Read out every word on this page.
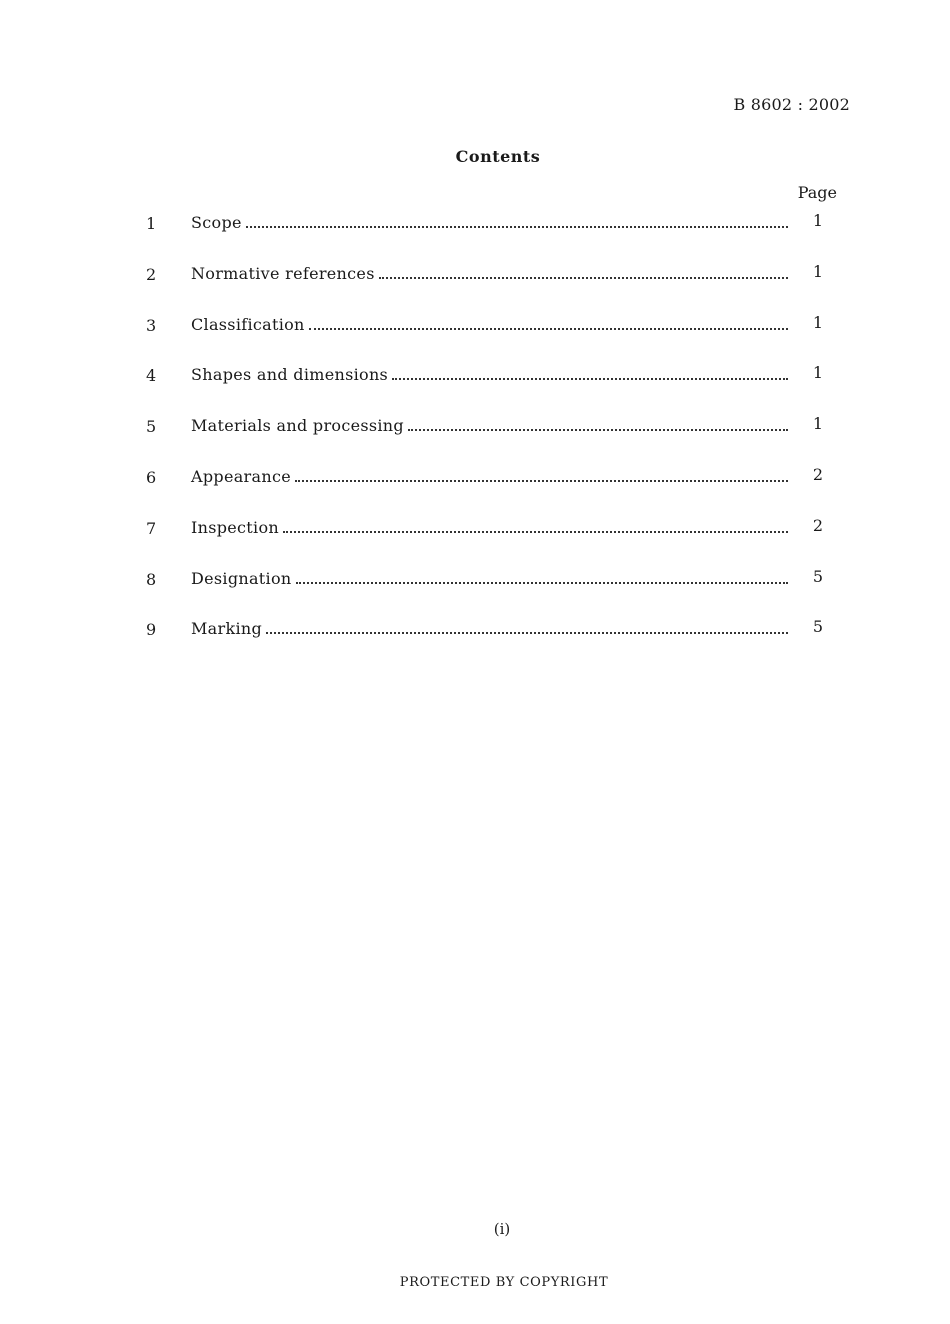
B 8602 : 2002
Contents
Page
1	Scope	1
2	Normative references	1
3	Classification	1
4	Shapes and dimensions	1
5	Materials and processing	1
6	Appearance	2
7	Inspection	2
8	Designation	5
9	Marking	5
(i)
PROTECTED BY COPYRIGHT
